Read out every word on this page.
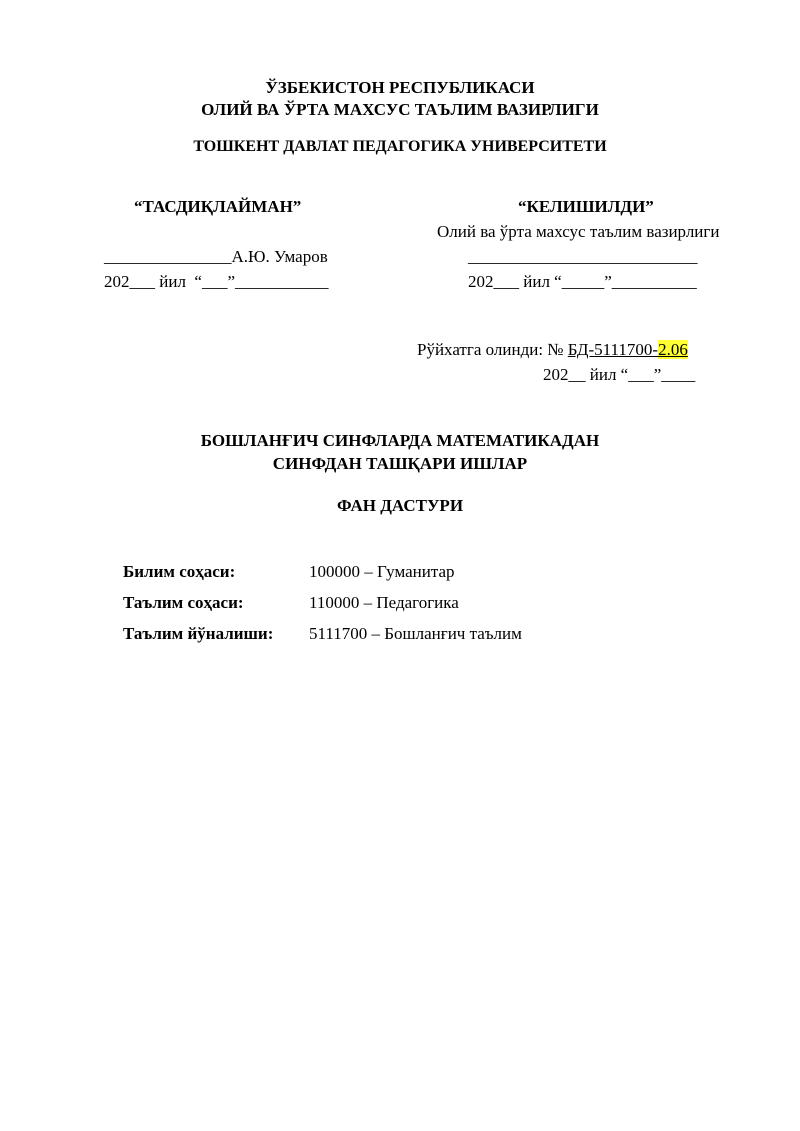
ЎЗБЕКИСТОН РЕСПУБЛИКАСИ
ОЛИЙ ВА ЎРТА МАХСУС ТАЪЛИМ ВАЗИРЛИГИ
ТОШКЕНТ ДАВЛАТ ПЕДАГОГИКА УНИВЕРСИТЕТИ
“ТАСДИҚЛАЙМАН”
_______________А.Ю. Умаров
202___ йил  “___”___________
“КЕЛИШИЛДИ”
Олий ва ўрта махсус таълим вазирлиги
___________________________
202___ йил “_____”__________
Рўйхатга олинди: № БД-5111700-2.06
202__ йил “___”____
БОШЛАНҒИЧ СИНФЛАРДА МАТЕМАТИКАДАН
СИНФДАН ТАШҚАРИ ИШЛАР
ФАН ДАСТУРИ
Билим соҳаси:	100000 – Гуманитар
Таълим соҳаси:	110000 – Педагогика
Таълим йўналиши: 5111700 – Бошланғич таълим
